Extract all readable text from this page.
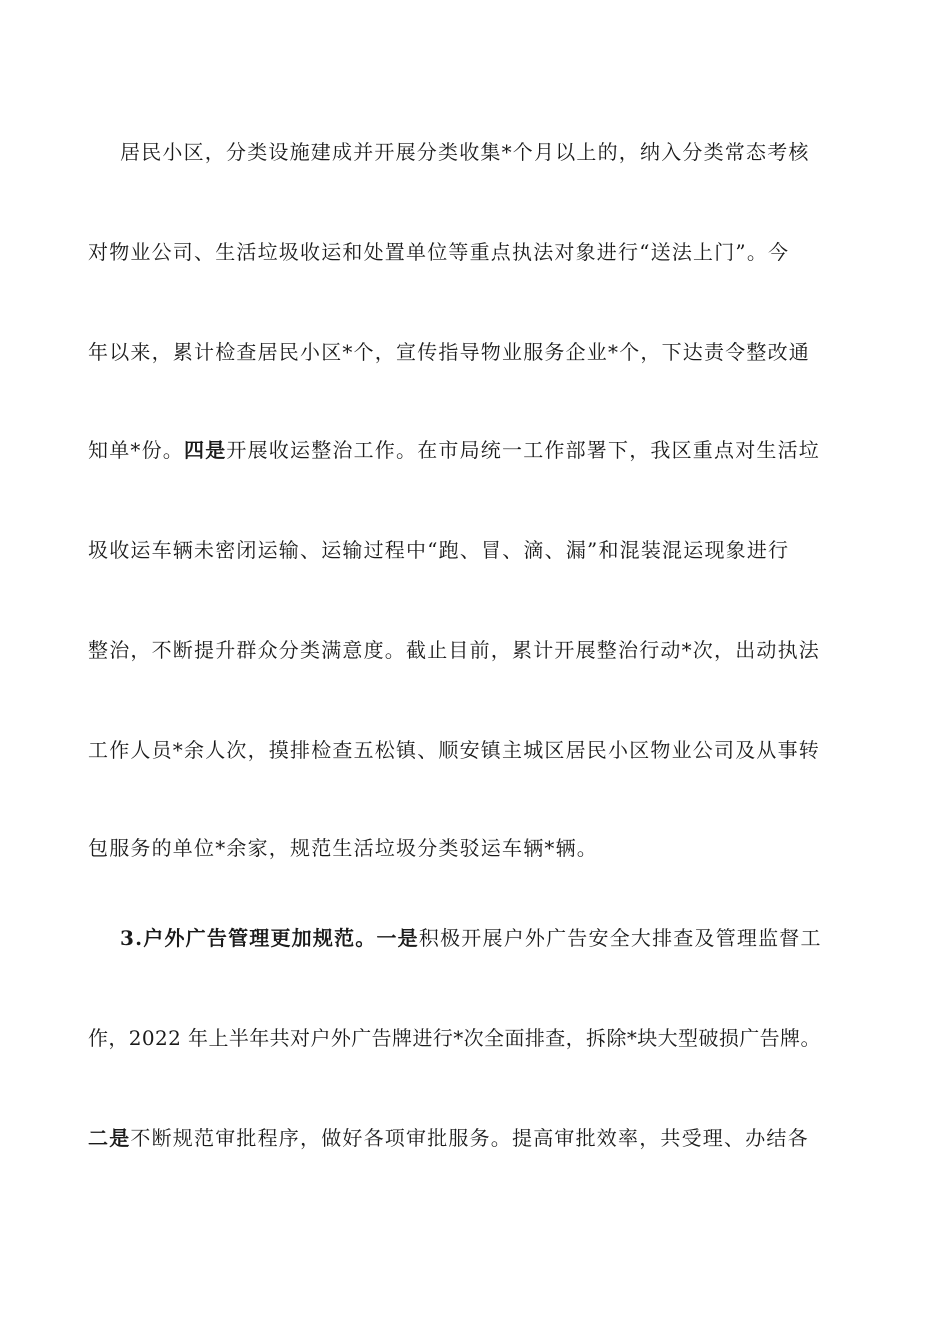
居民小区，分类设施建成并开展分类收集*个月以上的，纳入分类常态考核
对物业公司、生活垃圾收运和处置单位等重点执法对象进行“送法上门”。今
年以来，累计检查居民小区*个，宣传指导物业服务企业*个，下达责令整改通
知单*份。四是开展收运整治工作。在市局统一工作部署下，我区重点对生活垃
圾收运车辆未密闭运输、运输过程中“跑、冒、滴、漏”和混装混运现象进行
整治，不断提升群众分类满意度。截止目前，累计开展整治行动*次，出动执法
工作人员*余人次，摸排检查五松镇、顺安镇主城区居民小区物业公司及从事转
包服务的单位*余家，规范生活垃圾分类驳运车辆*辆。
3.户外广告管理更加规范。一是积极开展户外广告安全大排查及管理监督工
作，2022 年上半年共对户外广告牌进行*次全面排查，拆除*块大型破损广告牌。
二是不断规范审批程序，做好各项审批服务。提高审批效率，共受理、办结各
